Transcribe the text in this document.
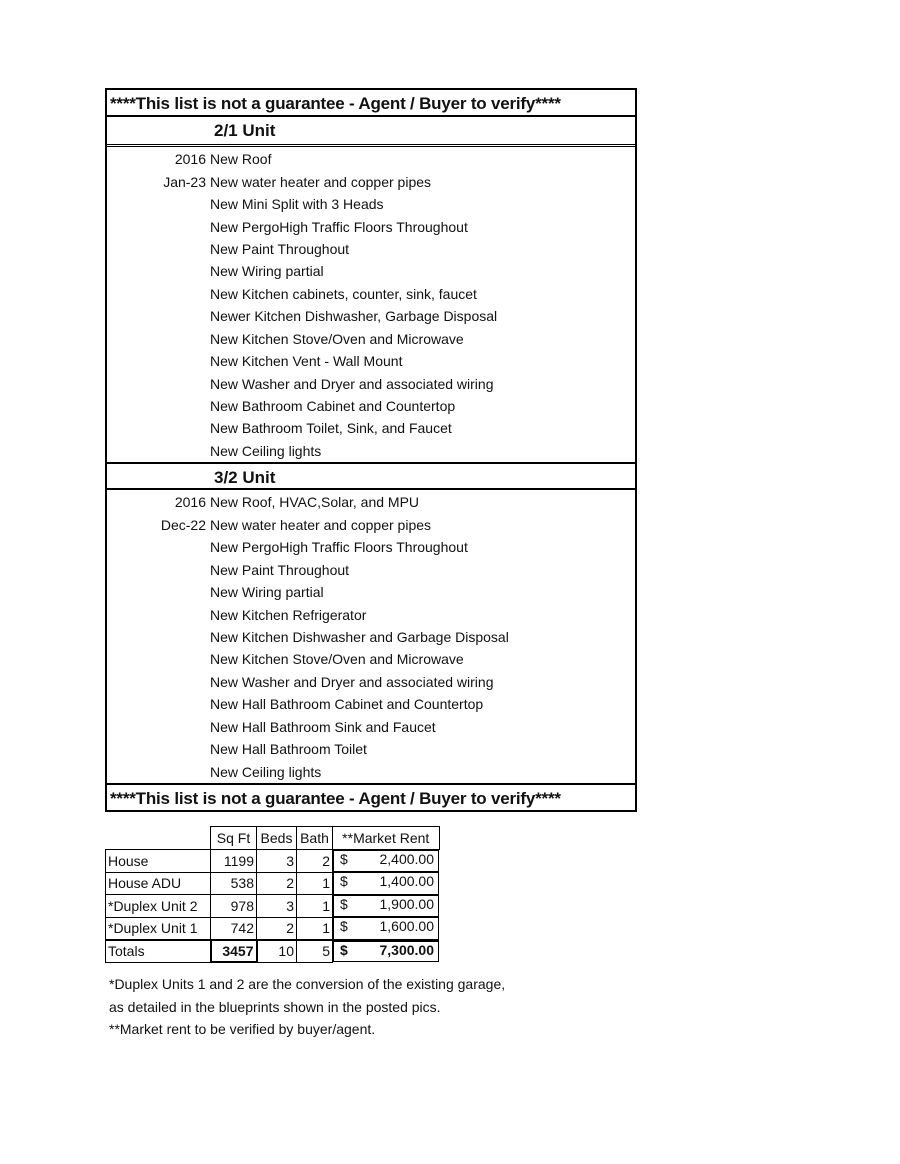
****This list is not a guarantee - Agent / Buyer to verify****
2/1 Unit
2016 New Roof
Jan-23 New water heater and copper pipes
New Mini Split with 3 Heads
New PergoHigh Traffic Floors Throughout
New Paint Throughout
New Wiring partial
New Kitchen cabinets, counter, sink, faucet
Newer Kitchen Dishwasher, Garbage Disposal
New Kitchen Stove/Oven and Microwave
New Kitchen Vent - Wall Mount
New Washer and Dryer and associated wiring
New Bathroom Cabinet and Countertop
New Bathroom Toilet, Sink, and Faucet
New Ceiling lights
3/2 Unit
2016 New Roof, HVAC,Solar, and MPU
Dec-22 New water heater and copper pipes
New PergoHigh Traffic Floors Throughout
New Paint Throughout
New Wiring partial
New Kitchen Refrigerator
New Kitchen Dishwasher and Garbage Disposal
New Kitchen Stove/Oven and Microwave
New Washer and Dryer and associated wiring
New Hall Bathroom Cabinet and Countertop
New Hall Bathroom Sink and Faucet
New Hall Bathroom Toilet
New Ceiling lights
****This list is not a guarantee - Agent / Buyer to verify****
	Sq Ft	Beds	Bath	**Market Rent
House	1199	3	2	$ 2,400.00

House ADU	538	2	1	$ 1,400.00

*Duplex Unit 2	978	3	1	$ 1,900.00

*Duplex Unit 1	742	2	1	$ 1,600.00

Totals	3457	10	5	$ 7,300.00
*Duplex Units 1 and 2 are the conversion of the existing garage,
as detailed in the blueprints shown in the posted pics.
**Market rent to be verified by buyer/agent.
